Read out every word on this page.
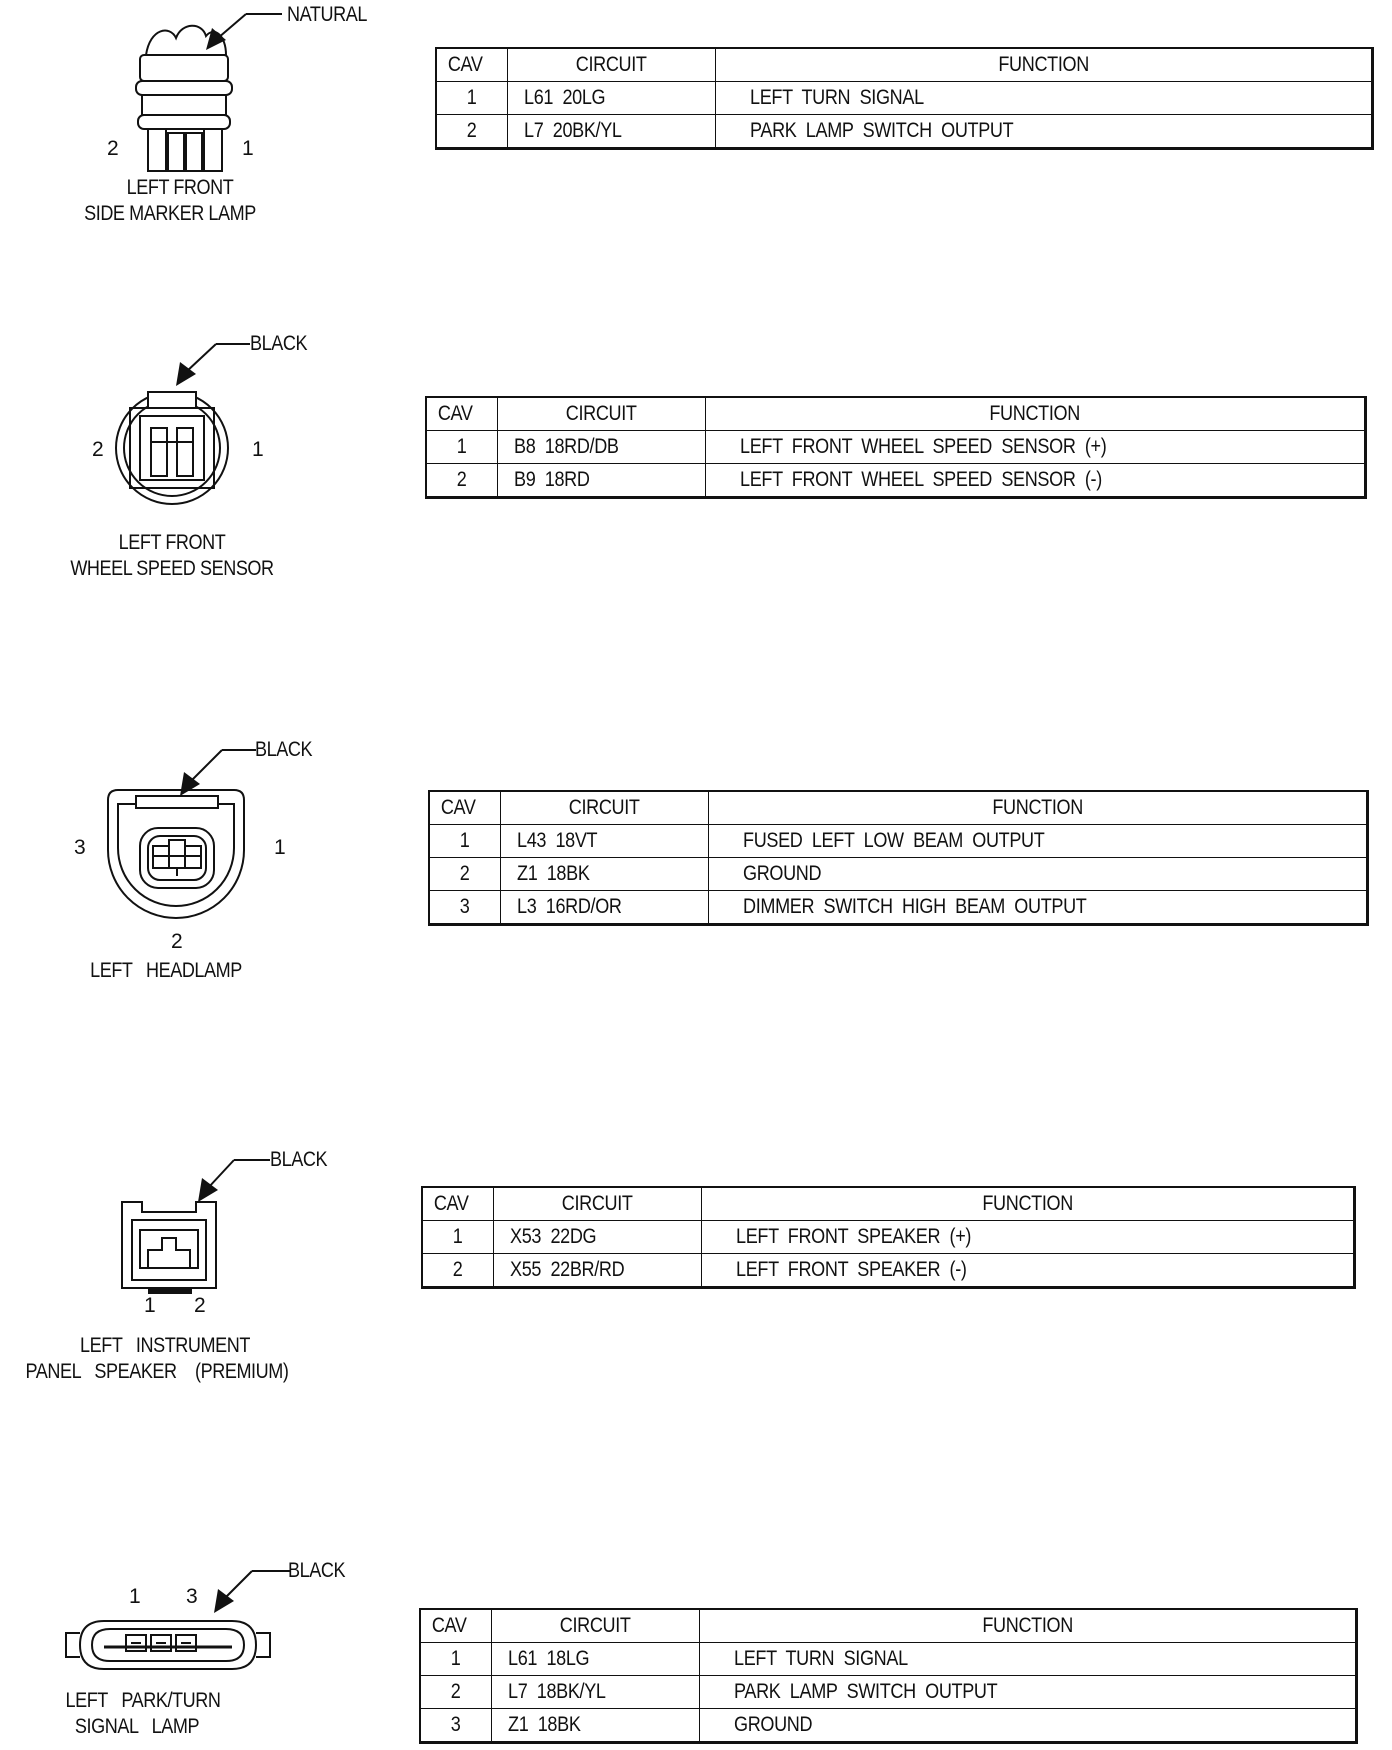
NATURAL
2	1
LEFT FRONT
SIDE MARKER LAMP
CAV	CIRCUIT	FUNCTION
1	L61  20LG	LEFT  TURN  SIGNAL
2	L7  20BK/YL	PARK  LAMP  SWITCH  OUTPUT
BLACK
2	1
LEFT FRONT
WHEEL SPEED SENSOR
CAV	CIRCUIT	FUNCTION
1	B8  18RD/DB	LEFT  FRONT  WHEEL  SPEED  SENSOR  (+)
2	B9  18RD	LEFT  FRONT  WHEEL  SPEED  SENSOR  (-)
BLACK
3	1
2
LEFT   HEADLAMP
CAV	CIRCUIT	FUNCTION
1	L43  18VT	FUSED  LEFT  LOW  BEAM  OUTPUT
2	Z1  18BK	GROUND
3	L3  16RD/OR	DIMMER  SWITCH  HIGH  BEAM  OUTPUT
BLACK
1 2
LEFT   INSTRUMENT
PANEL   SPEAKER    (PREMIUM)
CAV	CIRCUIT	FUNCTION
1	X53  22DG	LEFT  FRONT  SPEAKER  (+)
2	X55  22BR/RD	LEFT  FRONT  SPEAKER  (-)
BLACK
1 3
LEFT   PARK/TURN
SIGNAL   LAMP
CAV	CIRCUIT	FUNCTION
1	L61  18LG	LEFT  TURN  SIGNAL
2	L7  18BK/YL	PARK  LAMP  SWITCH  OUTPUT
3	Z1  18BK	GROUND
